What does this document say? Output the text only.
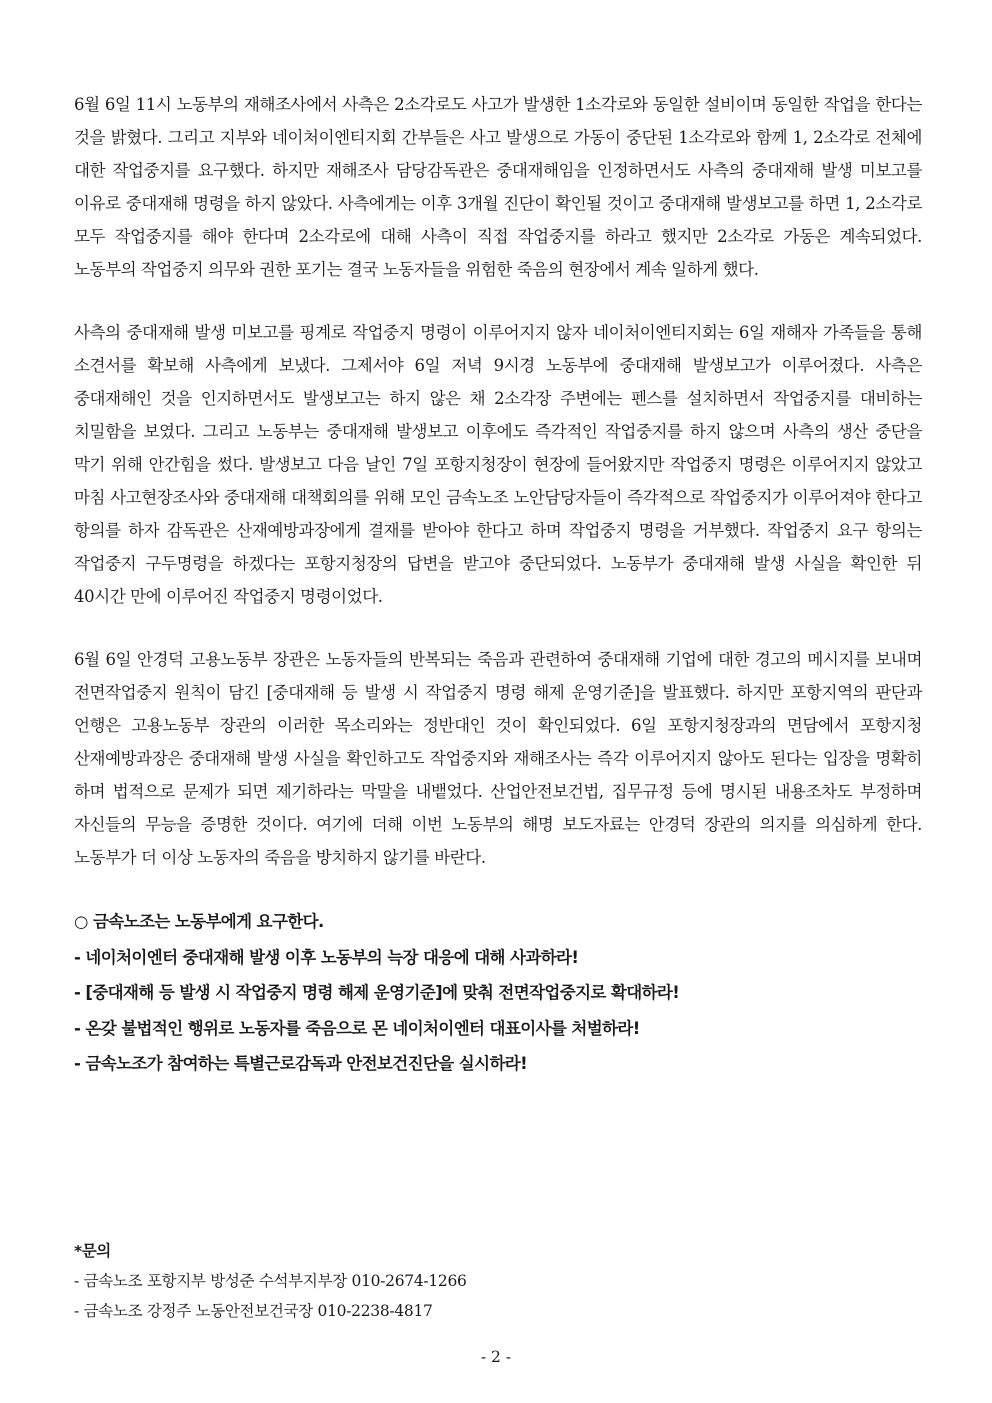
6월 6일 11시 노동부의 재해조사에서 사측은 2소각로도 사고가 발생한 1소각로와 동일한 설비이며 동일한 작업을 한다는 것을 밝혔다. 그리고 지부와 네이처이엔티지회 간부들은 사고 발생으로 가동이 중단된 1소각로와 함께 1, 2소각로 전체에 대한 작업중지를 요구했다. 하지만 재해조사 담당감독관은 중대재해임을 인정하면서도 사측의 중대재해 발생 미보고를 이유로 중대재해 명령을 하지 않았다. 사측에게는 이후 3개월 진단이 확인될 것이고 중대재해 발생보고를 하면 1, 2소각로 모두 작업중지를 해야 한다며 2소각로에 대해 사측이 직접 작업중지를 하라고 했지만 2소각로 가동은 계속되었다. 노동부의 작업중지 의무와 권한 포기는 결국 노동자들을 위험한 죽음의 현장에서 계속 일하게 했다.

사측의 중대재해 발생 미보고를 핑계로 작업중지 명령이 이루어지지 않자 네이처이엔티지회는 6일 재해자 가족들을 통해 소견서를 확보해 사측에게 보냈다. 그제서야 6일 저녁 9시경 노동부에 중대재해 발생보고가 이루어졌다. 사측은 중대재해인 것을 인지하면서도 발생보고는 하지 않은 채 2소각장 주변에는 펜스를 설치하면서 작업중지를 대비하는 치밀함을 보였다. 그리고 노동부는 중대재해 발생보고 이후에도 즉각적인 작업중지를 하지 않으며 사측의 생산 중단을 막기 위해 안간힘을 썼다. 발생보고 다음 날인 7일 포항지청장이 현장에 들어왔지만 작업중지 명령은 이루어지지 않았고 마침 사고현장조사와 중대재해 대책회의를 위해 모인 금속노조 노안담당자들이 즉각적으로 작업중지가 이루어져야 한다고 항의를 하자 감독관은 산재예방과장에게 결재를 받아야 한다고 하며 작업중지 명령을 거부했다. 작업중지 요구 항의는 작업중지 구두명령을 하겠다는 포항지청장의 답변을 받고야 중단되었다. 노동부가 중대재해 발생 사실을 확인한 뒤 40시간 만에 이루어진 작업중지 명령이었다.

6월 6일 안경덕 고용노동부 장관은 노동자들의 반복되는 죽음과 관련하여 중대재해 기업에 대한 경고의 메시지를 보내며 전면작업중지 원칙이 담긴 [중대재해 등 발생 시 작업중지 명령 해제 운영기준]을 발표했다. 하지만 포항지역의 판단과 언행은 고용노동부 장관의 이러한 목소리와는 정반대인 것이 확인되었다. 6일 포항지청장과의 면담에서 포항지청 산재예방과장은 중대재해 발생 사실을 확인하고도 작업중지와 재해조사는 즉각 이루어지지 않아도 된다는 입장을 명확히 하며 법적으로 문제가 되면 제기하라는 막말을 내뱉었다. 산업안전보건법, 집무규정 등에 명시된 내용조차도 부정하며 자신들의 무능을 증명한 것이다. 여기에 더해 이번 노동부의 해명 보도자료는 안경덕 장관의 의지를 의심하게 한다. 노동부가 더 이상 노동자의 죽음을 방치하지 않기를 바란다.

○ 금속노조는 노동부에게 요구한다.
- 네이처이엔터 중대재해 발생 이후 노동부의 늑장 대응에 대해 사과하라!
- [중대재해 등 발생 시 작업중지 명령 해제 운영기준]에 맞춰 전면작업중지로 확대하라!
- 온갖 불법적인 행위로 노동자를 죽음으로 몬 네이처이엔터 대표이사를 처벌하라!
- 금속노조가 참여하는 특별근로감독과 안전보건진단을 실시하라!
*문의
- 금속노조 포항지부 방성준 수석부지부장 010-2674-1266
- 금속노조 강정주 노동안전보건국장 010-2238-4817
- 2 -
